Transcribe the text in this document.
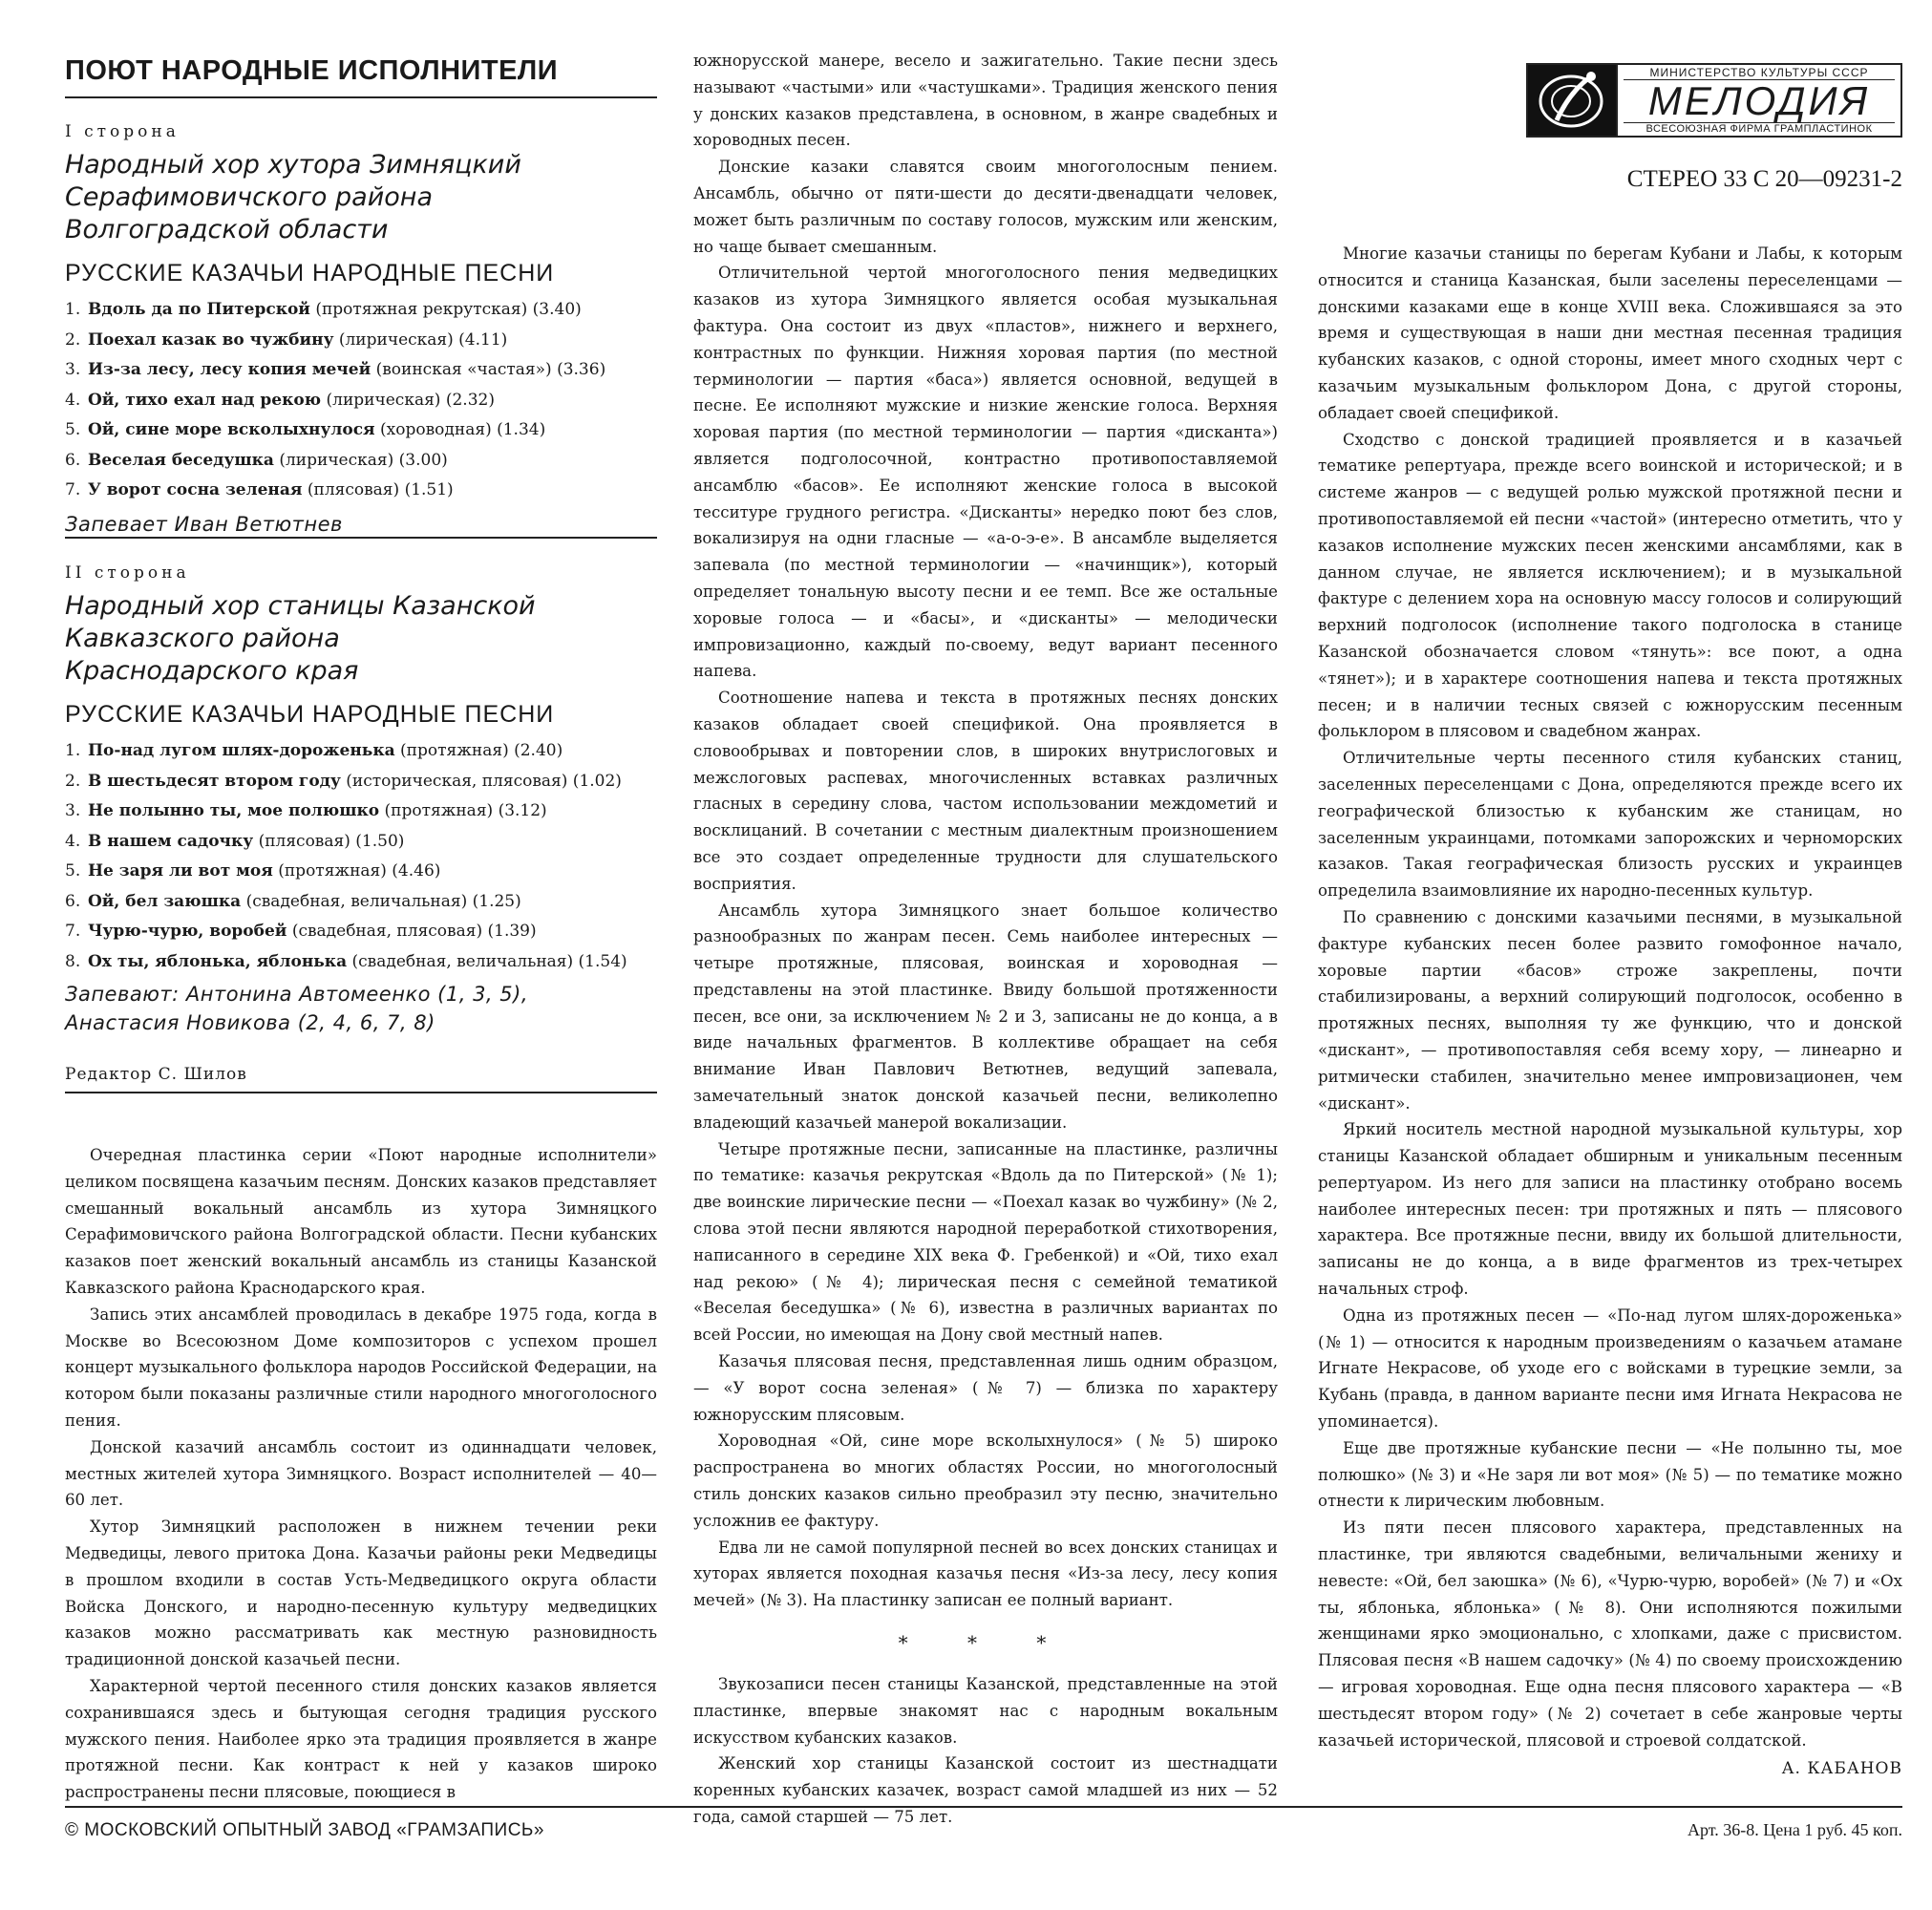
ПОЮТ НАРОДНЫЕ ИСПОЛНИТЕЛИ
I сторона
Народный хор хутора Зимняцкий
Серафимовичского района
Волгоградской области
РУССКИЕ КАЗАЧЬИ НАРОДНЫЕ ПЕСНИ
1. Вдоль да по Питерской (протяжная рекрутская) (3.40)
2. Поехал казак во чужбину (лирическая) (4.11)
3. Из-за лесу, лесу копия мечей (воинская «частая») (3.36)
4. Ой, тихо ехал над рекою (лирическая) (2.32)
5. Ой, сине море всколыхнулося (хороводная) (1.34)
6. Веселая беседушка (лирическая) (3.00)
7. У ворот сосна зеленая (плясовая) (1.51)
Запевает Иван Ветютнев
II сторона
Народный хор станицы Казанской
Кавказского района
Краснодарского края
РУССКИЕ КАЗАЧЬИ НАРОДНЫЕ ПЕСНИ
1. По-над лугом шлях-дороженька (протяжная) (2.40)
2. В шестьдесят втором году (историческая, плясовая) (1.02)
3. Не полынно ты, мое полюшко (протяжная) (3.12)
4. В нашем садочку (плясовая) (1.50)
5. Не заря ли вот моя (протяжная) (4.46)
6. Ой, бел заюшка (свадебная, величальная) (1.25)
7. Чурю-чурю, воробей (свадебная, плясовая) (1.39)
8. Ох ты, яблонька, яблонька (свадебная, величальная) (1.54)
Запевают: Антонина Автомеенко (1, 3, 5),
Анастасия Новикова (2, 4, 6, 7, 8)
Редактор С. Шилов

Очередная пластинка серии «Поют народные исполнители» целиком посвящена казачьим песням. Донских казаков представляет смешанный вокальный ансамбль из хутора Зимняцкого Серафимовичского района Волгоградской области. Песни кубанских казаков поет женский вокальный ансамбль из станицы Казанской Кавказского района Краснодарского края.

Запись этих ансамблей проводилась в декабре 1975 года, когда в Москве во Всесоюзном Доме композиторов с успехом прошел концерт музыкального фольклора народов Российской Федерации, на котором были показаны различные стили народного многоголосного пения.

Донской казачий ансамбль состоит из одиннадцати человек, местных жителей хутора Зимняцкого. Возраст исполнителей — 40—60 лет.

Хутор Зимняцкий расположен в нижнем течении реки Медведицы, левого притока Дона. Казачьи районы реки Медведицы в прошлом входили в состав Усть-Медведицкого округа области Войска Донского, и народно-песенную культуру медведицких казаков можно рассматривать как местную разновидность традиционной донской казачьей песни.

Характерной чертой песенного стиля донских казаков является сохранившаяся здесь и бытующая сегодня традиция русского мужского пения. Наиболее ярко эта традиция проявляется в жанре протяжной песни. Как контраст к ней у казаков широко распространены песни плясовые, поющиеся в

южнорусской манере, весело и зажигательно. Такие песни здесь называют «частыми» или «частушками». Традиция женского пения у донских казаков представлена, в основном, в жанре свадебных и хороводных песен.

Донские казаки славятся своим многоголосным пением. Ансамбль, обычно от пяти-шести до десяти-двенадцати человек, может быть различным по составу голосов, мужским или женским, но чаще бывает смешанным.

Отличительной чертой многоголосного пения медведицких казаков из хутора Зимняцкого является особая музыкальная фактура. Она состоит из двух «пластов», нижнего и верхнего, контрастных по функции. Нижняя хоровая партия (по местной терминологии — партия «баса») является основной, ведущей в песне. Ее исполняют мужские и низкие женские голоса. Верхняя хоровая партия (по местной терминологии — партия «дисканта») является подголосочной, контрастно противопоставляемой ансамблю «басов». Ее исполняют женские голоса в высокой тесситуре грудного регистра. «Дисканты» нередко поют без слов, вокализируя на одни гласные — «а-о-э-е». В ансамбле выделяется запевала (по местной терминологии — «начинщик»), который определяет тональную высоту песни и ее темп. Все же остальные хоровые голоса — и «басы», и «дисканты» — мелодически импровизационно, каждый по-своему, ведут вариант песенного напева.

Соотношение напева и текста в протяжных песнях донских казаков обладает своей спецификой. Она проявляется в словообрывах и повторении слов, в широких внутрислоговых и межслоговых распевах, многочисленных вставках различных гласных в середину слова, частом использовании междометий и восклицаний. В сочетании с местным диалектным произношением все это создает определенные трудности для слушательского восприятия.

Ансамбль хутора Зимняцкого знает большое количество разнообразных по жанрам песен. Семь наиболее интересных — четыре протяжные, плясовая, воинская и хороводная — представлены на этой пластинке. Ввиду большой протяженности песен, все они, за исключением № 2 и 3, записаны не до конца, а в виде начальных фрагментов. В коллективе обращает на себя внимание Иван Павлович Ветютнев, ведущий запевала, замечательный знаток донской казачьей песни, великолепно владеющий казачьей манерой вокализации.

Четыре протяжные песни, записанные на пластинке, различны по тематике: казачья рекрутская «Вдоль да по Питерской» (№ 1); две воинские лирические песни — «Поехал казак во чужбину» (№ 2, слова этой песни являются народной переработкой стихотворения, написанного в середине XIX века Ф. Гребенкой) и «Ой, тихо ехал над рекою» (№ 4); лирическая песня с семейной тематикой «Веселая беседушка» (№ 6), известна в различных вариантах по всей России, но имеющая на Дону свой местный напев.

Казачья плясовая песня, представленная лишь одним образцом, — «У ворот сосна зеленая» (№ 7) — близка по характеру южнорусским плясовым.

Хороводная «Ой, сине море всколыхнулося» (№ 5) широко распространена во многих областях России, но многоголосный стиль донских казаков сильно преобразил эту песню, значительно усложнив ее фактуру.

Едва ли не самой популярной песней во всех донских станицах и хуторах является походная казачья песня «Из-за лесу, лесу копия мечей» (№ 3). На пластинку записан ее полный вариант.

* * *

Звукозаписи песен станицы Казанской, представленные на этой пластинке, впервые знакомят нас с народным вокальным искусством кубанских казаков.

Женский хор станицы Казанской состоит из шестнадцати коренных кубанских казачек, возраст самой младшей из них — 52 года, самой старшей — 75 лет.

МИНИСТЕРСТВО КУЛЬТУРЫ СССР
МЕЛОДИЯ
ВСЕСОЮЗНАЯ ФИРМА ГРАМПЛАСТИНОК
СТЕРЕО 33 С 20—09231-2

Многие казачьи станицы по берегам Кубани и Лабы, к которым относится и станица Казанская, были заселены переселенцами — донскими казаками еще в конце XVIII века. Сложившаяся за это время и существующая в наши дни местная песенная традиция кубанских казаков, с одной стороны, имеет много сходных черт с казачьим музыкальным фольклором Дона, с другой стороны, обладает своей спецификой.

Сходство с донской традицией проявляется и в казачьей тематике репертуара, прежде всего воинской и исторической; и в системе жанров — с ведущей ролью мужской протяжной песни и противопоставляемой ей песни «частой» (интересно отметить, что у казаков исполнение мужских песен женскими ансамблями, как в данном случае, не является исключением); и в музыкальной фактуре с делением хора на основную массу голосов и солирующий верхний подголосок (исполнение такого подголоска в станице Казанской обозначается словом «тянуть»: все поют, а одна «тянет»); и в характере соотношения напева и текста протяжных песен; и в наличии тесных связей с южнорусским песенным фольклором в плясовом и свадебном жанрах.

Отличительные черты песенного стиля кубанских станиц, заселенных переселенцами с Дона, определяются прежде всего их географической близостью к кубанским же станицам, но заселенным украинцами, потомками запорожских и черноморских казаков. Такая географическая близость русских и украинцев определила взаимовлияние их народно-песенных культур.

По сравнению с донскими казачьими песнями, в музыкальной фактуре кубанских песен более развито гомофонное начало, хоровые партии «басов» строже закреплены, почти стабилизированы, а верхний солирующий подголосок, особенно в протяжных песнях, выполняя ту же функцию, что и донской «дискант», — противопоставляя себя всему хору, — линеарно и ритмически стабилен, значительно менее импровизационен, чем «дискант».

Яркий носитель местной народной музыкальной культуры, хор станицы Казанской обладает обширным и уникальным песенным репертуаром. Из него для записи на пластинку отобрано восемь наиболее интересных песен: три протяжных и пять — плясового характера. Все протяжные песни, ввиду их большой длительности, записаны не до конца, а в виде фрагментов из трех-четырех начальных строф.

Одна из протяжных песен — «По-над лугом шлях-дороженька» (№ 1) — относится к народным произведениям о казачьем атамане Игнате Некрасове, об уходе его с войсками в турецкие земли, за Кубань (правда, в данном варианте песни имя Игната Некрасова не упоминается).

Еще две протяжные кубанские песни — «Не полынно ты, мое полюшко» (№ 3) и «Не заря ли вот моя» (№ 5) — по тематике можно отнести к лирическим любовным.

Из пяти песен плясового характера, представленных на пластинке, три являются свадебными, величальными жениху и невесте: «Ой, бел заюшка» (№ 6), «Чурю-чурю, воробей» (№ 7) и «Ох ты, яблонька, яблонька» (№ 8). Они исполняются пожилыми женщинами ярко эмоционально, с хлопками, даже с присвистом. Плясовая песня «В нашем садочку» (№ 4) по своему происхождению — игровая хороводная. Еще одна песня плясового характера — «В шестьдесят втором году» (№ 2) сочетает в себе жанровые черты казачьей исторической, плясовой и строевой солдатской.

А. КАБАНОВ
© МОСКОВСКИЙ ОПЫТНЫЙ ЗАВОД «ГРАМЗАПИСЬ»	Арт. 36-8. Цена 1 руб. 45 коп.
